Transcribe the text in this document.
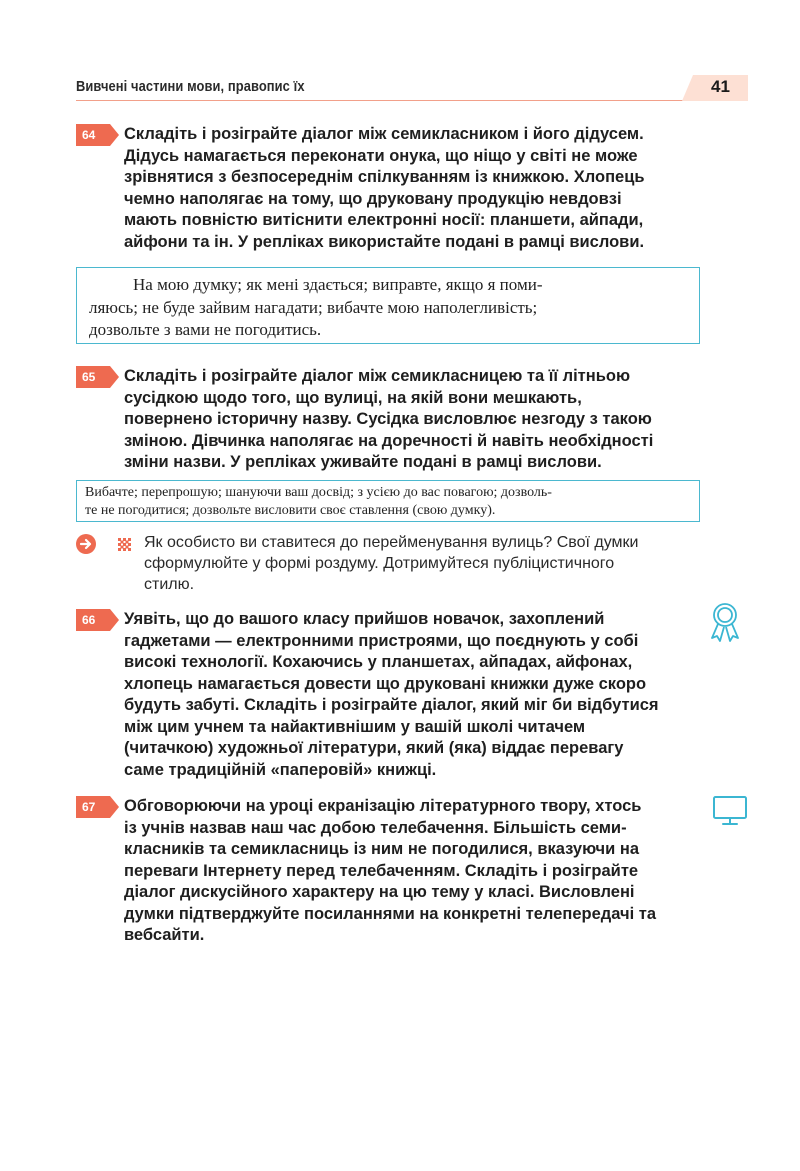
Вивчені частини мови, правопис їх	41
64	Складіть і розіграйте діалог між семикласником і його дідусем.
Дідусь намагається переконати онука, що ніщо у світі не може
зрівнятися з безпосереднім спілкуванням із книжкою. Хлопець
чемно наполягає на тому, що друковану продукцію невдовзі
мають повністю витіснити електронні носії: планшети, айпади,
айфони та ін. У репліках використайте подані в рамці вислови.
На мою думку; як мені здається; виправте, якщо я поми-
ляюсь; не буде зайвим нагадати; вибачте мою наполегливість;
дозвольте з вами не погодитись.
65	Складіть і розіграйте діалог між семикласницею та її літньою
сусідкою щодо того, що вулиці, на якій вони мешкають,
повернено історичну назву. Сусідка висловлює незгоду з такою
зміною. Дівчинка наполягає на доречності й навіть необхідності
зміни назви. У репліках уживайте подані в рамці вислови.
Вибачте; перепрошую; шануючи ваш досвід; з усією до вас повагою; дозволь-
те не погодитися; дозвольте висловити своє ставлення (свою думку).
Як особисто ви ставитеся до перейменування вулиць? Свої думки
сформулюйте у формі роздуму. Дотримуйтеся публіцистичного
стилю.
66	Уявіть, що до вашого класу прийшов новачок, захоплений
гаджетами — електронними пристроями, що поєднують у собі
високі технології. Кохаючись у планшетах, айпадах, айфонах,
хлопець намагається довести що друковані книжки дуже скоро
будуть забуті. Складіть і розіграйте діалог, який міг би відбутися
між цим учнем та найактивнішим у вашій школі читачем
(читачкою) художньої літератури, який (яка) віддає перевагу
саме традиційній «паперовій» книжці.
67	Обговорюючи на уроці екранізацію літературного твору, хтось
із учнів назвав наш час добою телебачення. Більшість семи-
класників та семикласниць із ним не погодилися, вказуючи на
переваги Інтернету перед телебаченням. Складіть і розіграйте
діалог дискусійного характеру на цю тему у класі. Висловлені
думки підтверджуйте посиланнями на конкретні телепередачі та
вебсайти.
